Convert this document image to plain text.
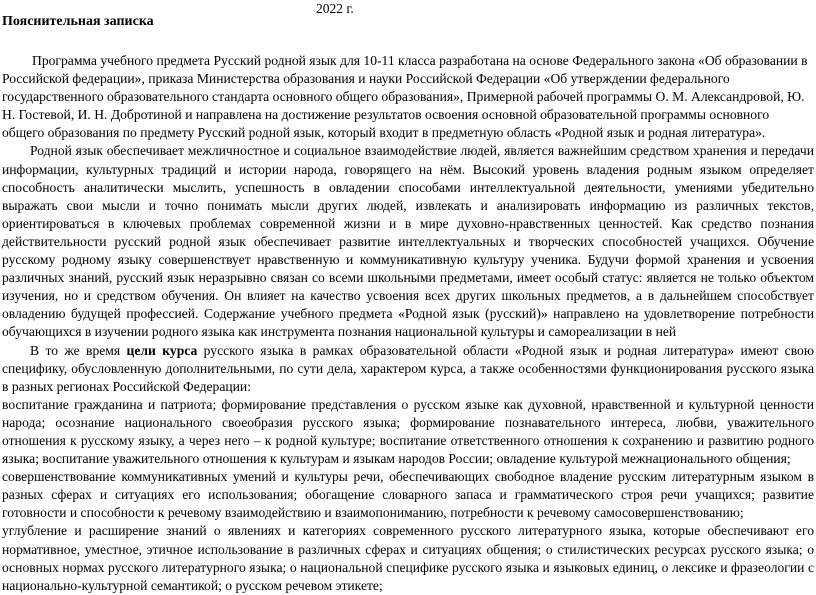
2022 г.
Пояснительная записка

Программа учебного предмета Русский родной язык для 10-11 класса разработана на основе Федерального закона «Об образовании в Российской федерации», приказа Министерства образования и науки Российской Федерации «Об утверждении федерального государственного образовательного стандарта основного общего образования», Примерной рабочей программы О. М. Александровой, Ю. Н. Гостевой, И. Н. Добротиной и направлена на достижение результатов освоения основной образовательной программы основного общего образования по предмету Русский родной язык, который входит в предметную область «Родной язык и родная литература».

Родной язык обеспечивает межличностное и социальное взаимодействие людей, является важнейшим средством хранения и передачи информации, культурных традиций и истории народа, говорящего на нём. Высокий уровень владения родным языком определяет способность аналитически мыслить, успешность в овладении способами интеллектуальной деятельности, умениями убедительно выражать свои мысли и точно понимать мысли других людей, извлекать и анализировать информацию из различных текстов, ориентироваться в ключевых проблемах современной жизни и в мире духовно-нравственных ценностей. Как средство познания действительности русский родной язык обеспечивает развитие интеллектуальных и творческих способностей учащихся. Обучение русскому родному языку совершенствует нравственную и коммуникативную культуру ученика. Будучи формой хранения и усвоения различных знаний, русский язык неразрывно связан со всеми школьными предметами, имеет особый статус: является не только объектом изучения, но и средством обучения. Он влияет на качество усвоения всех других школьных предметов, а в дальнейшем способствует овладению будущей профессией. Содержание учебного предмета «Родной язык (русский)» направлено на удовлетворение потребности обучающихся в изучении родного языка как инструмента познания национальной культуры и самореализации в ней

В то же время цели курса русского языка в рамках образовательной области «Родной язык и родная литература» имеют свою специфику, обусловленную дополнительными, по сути дела, характером курса, а также особенностями функционирования русского языка в разных регионах Российской Федерации:

воспитание гражданина и патриота; формирование представления о русском языке как духовной, нравственной и культурной ценности народа; осознание национального своеобразия русского языка; формирование познавательного интереса, любви, уважительного отношения к русскому языку, а через него – к родной культуре; воспитание ответственного отношения к сохранению и развитию родного языка; воспитание уважительного отношения к культурам и языкам народов России; овладение культурой межнационального общения;

совершенствование коммуникативных умений и культуры речи, обеспечивающих свободное владение русским литературным языком в разных сферах и ситуациях его использования; обогащение словарного запаса и грамматического строя речи учащихся; развитие готовности и способности к речевому взаимодействию и взаимопониманию, потребности к речевому самосовершенствованию;

углубление и расширение знаний о явлениях и категориях современного русского литературного языка, которые обеспечивают его нормативное, уместное, этичное использование в различных сферах и ситуациях общения; о стилистических ресурсах русского языка; о основных нормах русского литературного языка; о национальной специфике русского языка и языковых единиц, о лексике и фразеологии с национально-культурной семантикой; о русском речевом этикете;
